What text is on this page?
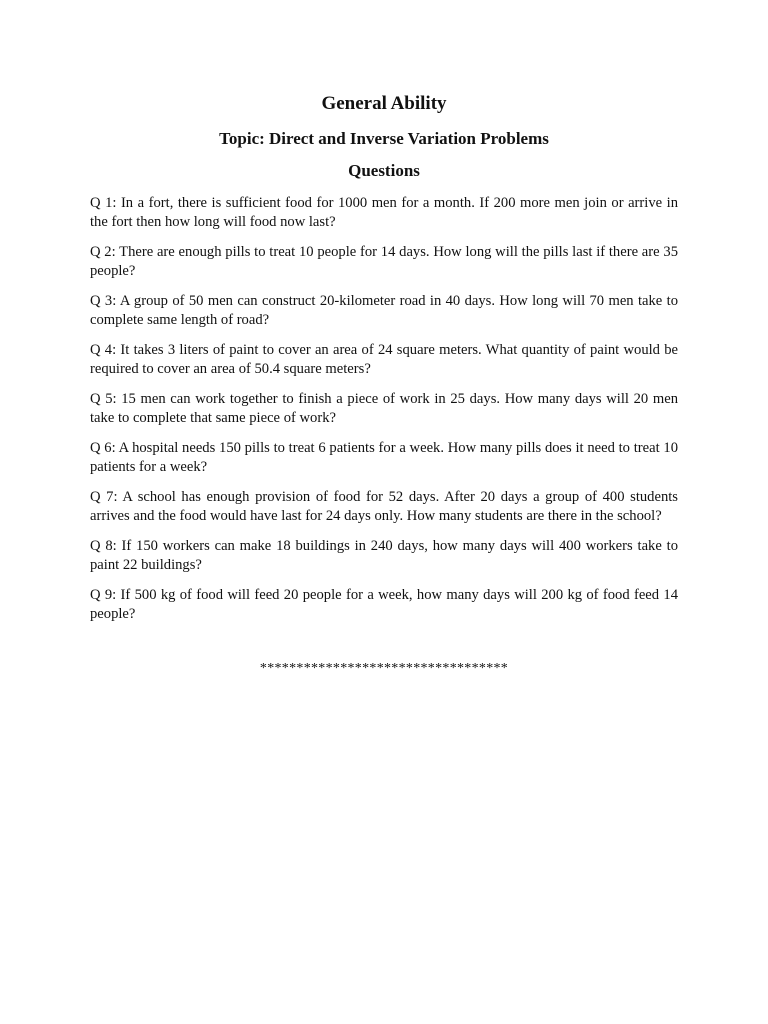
General Ability
Topic: Direct and Inverse Variation Problems
Questions
Q 1: In a fort, there is sufficient food for 1000 men for a month. If 200 more men join or arrive in the fort then how long will food now last?
Q 2: There are enough pills to treat 10 people for 14 days. How long will the pills last if there are 35 people?
Q 3: A group of 50 men can construct 20-kilometer road in 40 days. How long will 70 men take to complete same length of road?
Q 4: It takes 3 liters of paint to cover an area of 24 square meters. What quantity of paint would be required to cover an area of 50.4 square meters?
Q 5: 15 men can work together to finish a piece of work in 25 days. How many days will 20 men take to complete that same piece of work?
Q 6: A hospital needs 150 pills to treat 6 patients for a week. How many pills does it need to treat 10 patients for a week?
Q 7: A school has enough provision of food for 52 days. After 20 days a group of 400 students arrives and the food would have last for 24 days only. How many students are there in the school?
Q 8: If 150 workers can make 18 buildings in 240 days, how many days will 400 workers take to paint 22 buildings?
Q 9: If 500 kg of food will feed 20 people for a week, how many days will 200 kg of food feed 14 people?
**********************************
